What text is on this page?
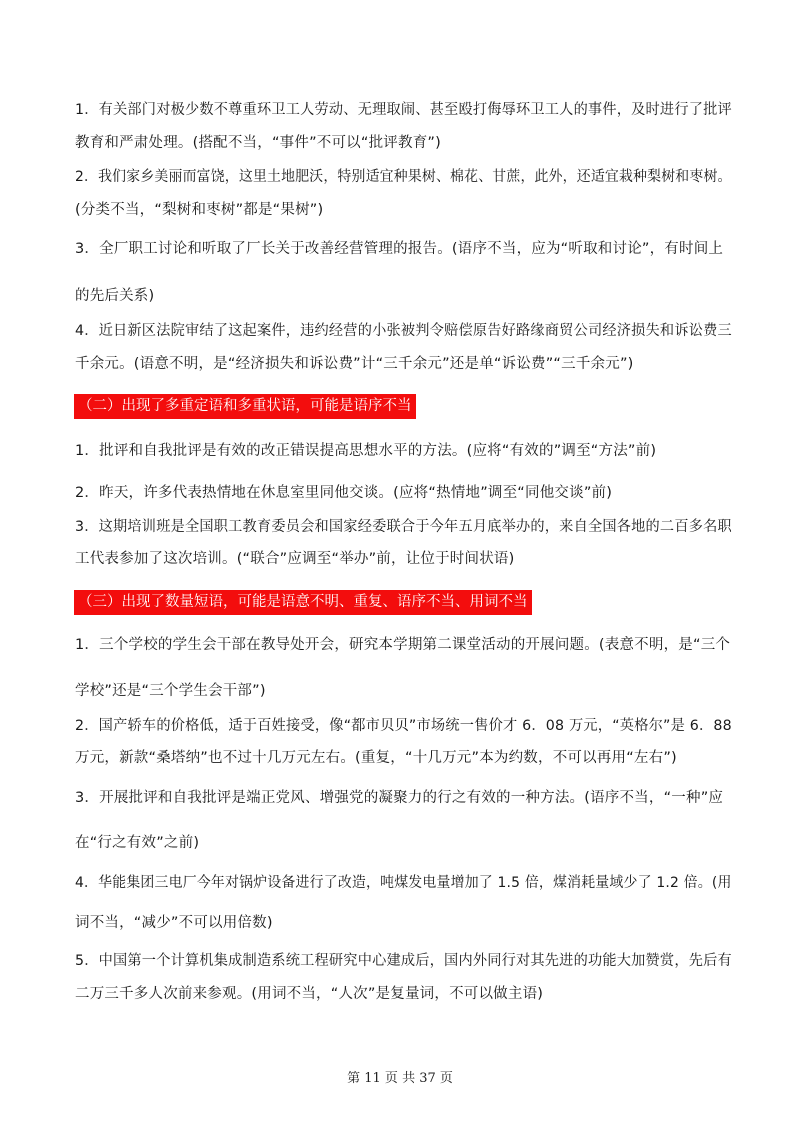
1．有关部门对极少数不尊重环卫工人劳动、无理取闹、甚至殴打侮辱环卫工人的事件，及时进行了批评
教育和严肃处理。(搭配不当，“事件”不可以“批评教育”)
2．我们家乡美丽而富饶，这里土地肥沃，特别适宜种果树、棉花、甘蔗，此外，还适宜栽种梨树和枣树。
(分类不当，“梨树和枣树”都是“果树”)
3．全厂职工讨论和听取了厂长关于改善经营管理的报告。(语序不当，应为“听取和讨论”，有时间上
的先后关系)
4．近日新区法院审结了这起案件，违约经营的小张被判令赔偿原告好路缘商贸公司经济损失和诉讼费三
千余元。(语意不明，是“经济损失和诉讼费”计“三千余元”还是单“诉讼费”“三千余元”)
（二）出现了多重定语和多重状语，可能是语序不当
1．批评和自我批评是有效的改正错误提高思想水平的方法。(应将“有效的”调至“方法”前)
2．昨天，许多代表热情地在休息室里同他交谈。(应将“热情地”调至“同他交谈”前)
3．这期培训班是全国职工教育委员会和国家经委联合于今年五月底举办的，来自全国各地的二百多名职
工代表参加了这次培训。(“联合”应调至“举办”前，让位于时间状语)
（三）出现了数量短语，可能是语意不明、重复、语序不当、用词不当
1．三个学校的学生会干部在教导处开会，研究本学期第二课堂活动的开展问题。(表意不明，是“三个
学校”还是“三个学生会干部”)
2．国产轿车的价格低，适于百姓接受，像“都市贝贝”市场统一售价才 6．08 万元，“英格尔”是 6．88
万元，新款“桑塔纳”也不过十几万元左右。(重复，“十几万元”本为约数，不可以再用“左右”)
3．开展批评和自我批评是端正党风、增强党的凝聚力的行之有效的一种方法。(语序不当，“一种”应
在“行之有效”之前)
4．华能集团三电厂今年对锅炉设备进行了改造，吨煤发电量增加了 1.5 倍，煤消耗量域少了 1.2 倍。(用
词不当，“减少”不可以用倍数)
5．中国第一个计算机集成制造系统工程研究中心建成后，国内外同行对其先进的功能大加赞赏，先后有
二万三千多人次前来参观。(用词不当，“人次”是复量词，不可以做主语)
第 11 页 共 37 页
